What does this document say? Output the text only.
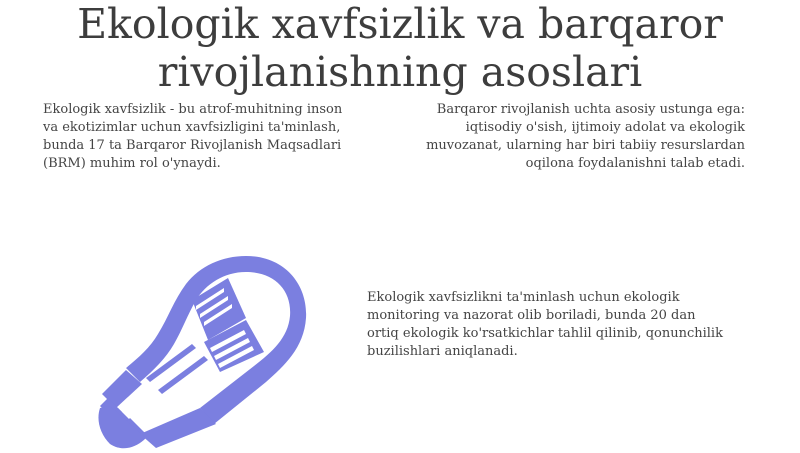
Ekologik xavfsizlik va barqaror rivojlanishning asoslari

Ekologik xavfsizlik - bu atrof-muhitning inson va ekotizimlar uchun xavfsizligini ta'minlash, bunda 17 ta Barqaror Rivojlanish Maqsadlari (BRM) muhim rol o'ynaydi.

Barqaror rivojlanish uchta asosiy ustunga ega: iqtisodiy o'sish, ijtimoiy adolat va ekologik muvozanat, ularning har biri tabiiy resurslardan oqilona foydalanishni talab etadi.

Ekologik xavfsizlikni ta'minlash uchun ekologik monitoring va nazorat olib boriladi, bunda 20 dan ortiq ekologik ko'rsatkichlar tahlil qilinib, qonunchilik buzilishlari aniqlanadi.
